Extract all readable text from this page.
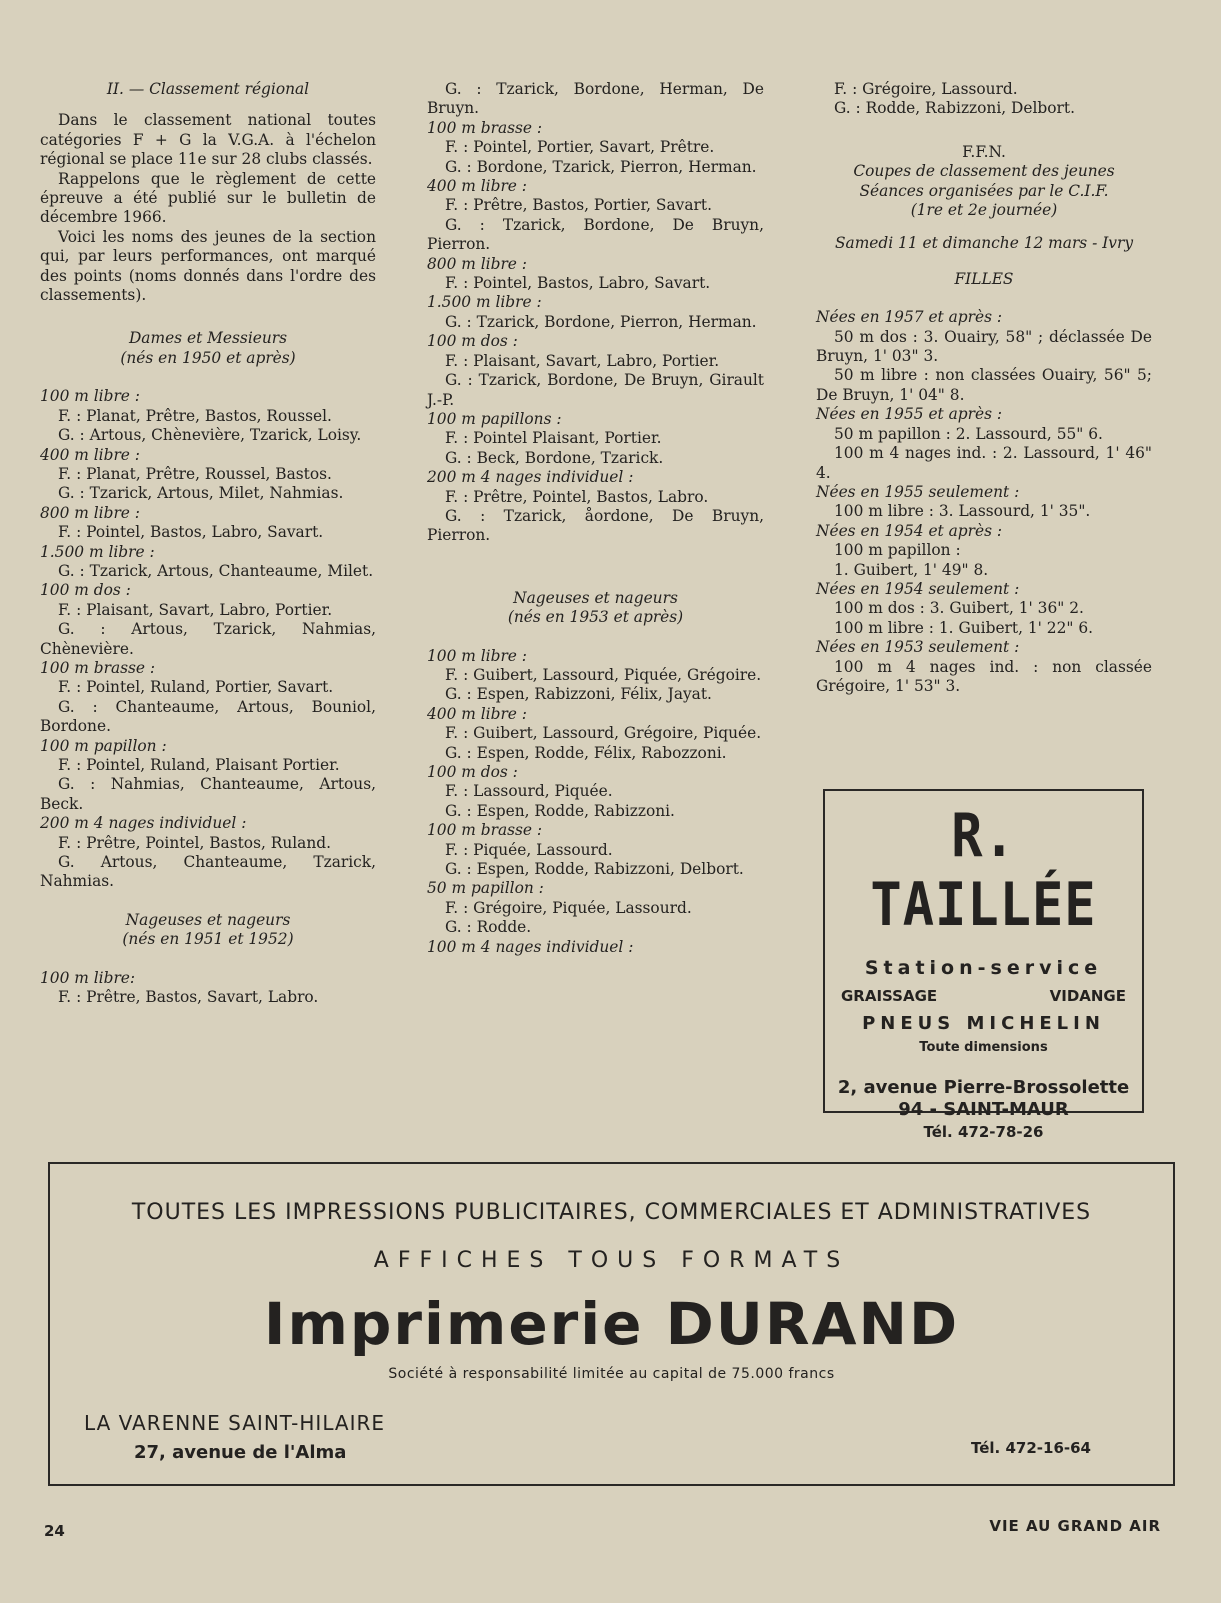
II. — Classement régional

Dans le classement national toutes catégories F + G la V.G.A. à l'échelon régional se place 11e sur 28 clubs classés.

Rappelons que le règlement de cette épreuve a été publié sur le bulletin de décembre 1966.

Voici les noms des jeunes de la section qui, par leurs performances, ont marqué des points (noms donnés dans l'ordre des classements).

Dames et Messieurs

(nés en 1950 et après)

100 m libre :

F. : Planat, Prêtre, Bastos, Roussel.

G. : Artous, Chènevière, Tzarick, Loisy.

400 m libre :

F. : Planat, Prêtre, Roussel, Bastos.

G. : Tzarick, Artous, Milet, Nahmias.

800 m libre :

F. : Pointel, Bastos, Labro, Savart.

1.500 m libre :

G. : Tzarick, Artous, Chanteaume, Milet.

100 m dos :

F. : Plaisant, Savart, Labro, Portier.

G. : Artous, Tzarick, Nahmias, Chènevière.

100 m brasse :

F. : Pointel, Ruland, Portier, Savart.

G. : Chanteaume, Artous, Bouniol, Bordone.

100 m papillon :

F. : Pointel, Ruland, Plaisant Portier.

G. : Nahmias, Chanteaume, Artous, Beck.

200 m 4 nages individuel :

F. : Prêtre, Pointel, Bastos, Ruland.

G. Artous, Chanteaume, Tzarick, Nahmias.

Nageuses et nageurs

(nés en 1951 et 1952)

100 m libre:

F. : Prêtre, Bastos, Savart, Labro.

G. : Tzarick, Bordone, Herman, De Bruyn.

100 m brasse :

F. : Pointel, Portier, Savart, Prêtre.

G. : Bordone, Tzarick, Pierron, Herman.

400 m libre :

F. : Prêtre, Bastos, Portier, Savart.

G. : Tzarick, Bordone, De Bruyn, Pierron.

800 m libre :

F. : Pointel, Bastos, Labro, Savart.

1.500 m libre :

G. : Tzarick, Bordone, Pierron, Herman.

100 m dos :

F. : Plaisant, Savart, Labro, Portier.

G. : Tzarick, Bordone, De Bruyn, Girault J.-P.

100 m papillons :

F. : Pointel Plaisant, Portier.

G. : Beck, Bordone, Tzarick.

200 m 4 nages individuel :

F. : Prêtre, Pointel, Bastos, Labro.

G. : Tzarick, åordone, De Bruyn, Pierron.

Nageuses et nageurs

(nés en 1953 et après)

100 m libre :

F. : Guibert, Lassourd, Piquée, Grégoire.

G. : Espen, Rabizzoni, Félix, Jayat.

400 m libre :

F. : Guibert, Lassourd, Grégoire, Piquée.

G. : Espen, Rodde, Félix, Rabozzoni.

100 m dos :

F. : Lassourd, Piquée.

G. : Espen, Rodde, Rabizzoni.

100 m brasse :

F. : Piquée, Lassourd.

G. : Espen, Rodde, Rabizzoni, Delbort.

50 m papillon :

F. : Grégoire, Piquée, Lassourd.

G. : Rodde.

100 m 4 nages individuel :

F. : Grégoire, Lassourd.

G. : Rodde, Rabizzoni, Delbort.

F.F.N.

Coupes de classement des jeunes

Séances organisées par le C.I.F.

(1re et 2e journée)

Samedi 11 et dimanche 12 mars - Ivry

FILLES

Nées en 1957 et après :

50 m dos : 3. Ouairy, 58" ; déclassée De Bruyn, 1' 03" 3.

50 m libre : non classées Ouairy, 56" 5; De Bruyn, 1' 04" 8.

Nées en 1955 et après :

50 m papillon : 2. Lassourd, 55" 6.

100 m 4 nages ind. : 2. Lassourd, 1' 46" 4.

Nées en 1955 seulement :

100 m libre : 3. Lassourd, 1' 35".

Nées en 1954 et après :

100 m papillon :

1. Guibert, 1' 49" 8.

Nées en 1954 seulement :

100 m dos : 3. Guibert, 1' 36" 2.

100 m libre : 1. Guibert, 1' 22" 6.

Nées en 1953 seulement :

100 m 4 nages ind. : non classée Grégoire, 1' 53" 3.

R. TAILLÉE
Station-service
GRAISSAGE	VIDANGE
PNEUS MICHELIN
Toute dimensions
2, avenue Pierre-Brossolette
94 - SAINT-MAUR
Tél. 472-78-26
TOUTES LES IMPRESSIONS PUBLICITAIRES, COMMERCIALES ET ADMINISTRATIVES
AFFICHES TOUS FORMATS
Imprimerie DURAND
Société à responsabilité limitée au capital de 75.000 francs
LA VARENNE SAINT-HILAIRE
27, avenue de l'Alma	Tél. 472-16-64
24	VIE AU GRAND AIR
